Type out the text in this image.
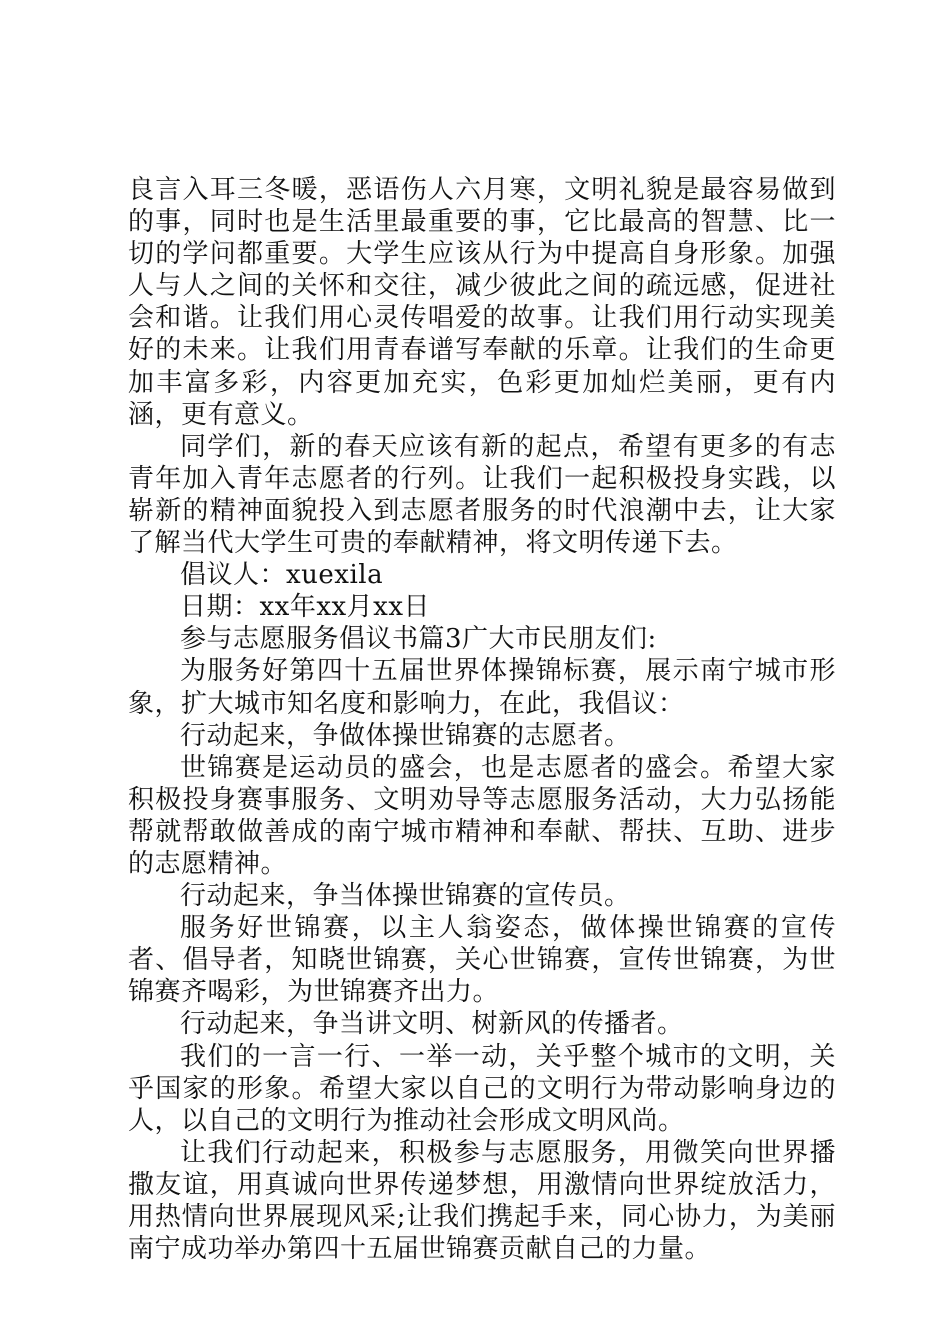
良言入耳三冬暖，恶语伤人六月寒，文明礼貌是最容易做到的事，同时也是生活里最重要的事，它比最高的智慧、比一切的学问都重要。大学生应该从行为中提高自身形象。加强人与人之间的关怀和交往，减少彼此之间的疏远感，促进社会和谐。让我们用心灵传唱爱的故事。让我们用行动实现美好的未来。让我们用青春谱写奉献的乐章。让我们的生命更加丰富多彩，内容更加充实，色彩更加灿烂美丽，更有内涵，更有意义。

同学们，新的春天应该有新的起点，希望有更多的有志青年加入青年志愿者的行列。让我们一起积极投身实践，以崭新的精神面貌投入到志愿者服务的时代浪潮中去，让大家了解当代大学生可贵的奉献精神，将文明传递下去。

倡议人：xuexila

日期：xx年xx月xx日

参与志愿服务倡议书篇3广大市民朋友们:

为服务好第四十五届世界体操锦标赛，展示南宁城市形象，扩大城市知名度和影响力，在此，我倡议：

行动起来，争做体操世锦赛的志愿者。

世锦赛是运动员的盛会，也是志愿者的盛会。希望大家积极投身赛事服务、文明劝导等志愿服务活动，大力弘扬能帮就帮敢做善成的南宁城市精神和奉献、帮扶、互助、进步的志愿精神。

行动起来，争当体操世锦赛的宣传员。

服务好世锦赛，以主人翁姿态，做体操世锦赛的宣传者、倡导者，知晓世锦赛，关心世锦赛，宣传世锦赛，为世锦赛齐喝彩，为世锦赛齐出力。

行动起来，争当讲文明、树新风的传播者。

我们的一言一行、一举一动，关乎整个城市的文明，关乎国家的形象。希望大家以自己的文明行为带动影响身边的人，以自己的文明行为推动社会形成文明风尚。

让我们行动起来，积极参与志愿服务，用微笑向世界播撒友谊，用真诚向世界传递梦想，用激情向世界绽放活力，用热情向世界展现风采;让我们携起手来，同心协力，为美丽南宁成功举办第四十五届世锦赛贡献自己的力量。
